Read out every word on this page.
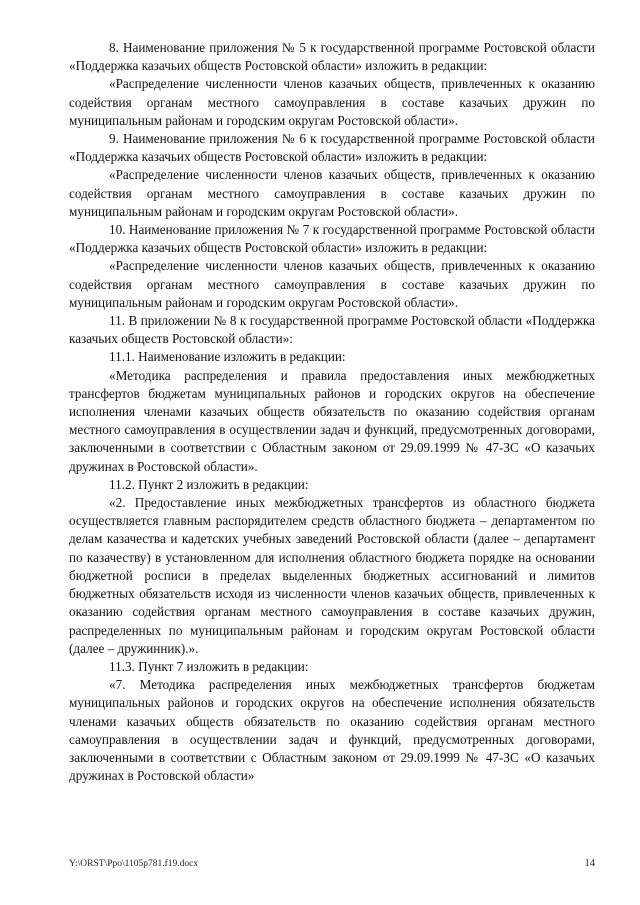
8. Наименование приложения № 5 к государственной программе Ростовской области «Поддержка казачьих обществ Ростовской области» изложить в редакции:

«Распределение численности членов казачьих обществ, привлеченных к оказанию содействия органам местного самоуправления в составе казачьих дружин по муниципальным районам и городским округам Ростовской области».

9. Наименование приложения № 6 к государственной программе Ростовской области «Поддержка казачьих обществ Ростовской области» изложить в редакции:

«Распределение численности членов казачьих обществ, привлеченных к оказанию содействия органам местного самоуправления в составе казачьих дружин по муниципальным районам и городским округам Ростовской области».

10. Наименование приложения № 7 к государственной программе Ростовской области «Поддержка казачьих обществ Ростовской области» изложить в редакции:

«Распределение численности членов казачьих обществ, привлеченных к оказанию содействия органам местного самоуправления в составе казачьих дружин по муниципальным районам и городским округам Ростовской области».

11. В приложении № 8 к государственной программе Ростовской области «Поддержка казачьих обществ Ростовской области»:

11.1. Наименование изложить в редакции:

«Методика распределения и правила предоставления иных межбюджетных трансфертов бюджетам муниципальных районов и городских округов на обеспечение исполнения членами казачьих обществ обязательств по оказанию содействия органам местного самоуправления в осуществлении задач и функций, предусмотренных договорами, заключенными в соответствии с Областным законом от 29.09.1999 № 47-ЗС «О казачьих дружинах в Ростовской области».

11.2. Пункт 2 изложить в редакции:

«2. Предоставление иных межбюджетных трансфертов из областного бюджета осуществляется главным распорядителем средств областного бюджета – департаментом по делам казачества и кадетских учебных заведений Ростовской области (далее – департамент по казачеству) в установленном для исполнения областного бюджета порядке на основании бюджетной росписи в пределах выделенных бюджетных ассигнований и лимитов бюджетных обязательств исходя из численности членов казачьих обществ, привлеченных к оказанию содействия органам местного самоуправления в составе казачьих дружин, распределенных по муниципальным районам и городским округам Ростовской области (далее – дружинник).».

11.3. Пункт 7 изложить в редакции:

«7. Методика распределения иных межбюджетных трансфертов бюджетам муниципальных районов и городских округов на обеспечение исполнения обязательств членами казачьих обществ обязательств по оказанию содействия органам местного самоуправления в осуществлении задач и функций, предусмотренных договорами, заключенными в соответствии с Областным законом от 29.09.1999 № 47-ЗС «О казачьих дружинах в Ростовской области»

Y:\ORST\Ppo\1105p781.f19.docx	14
